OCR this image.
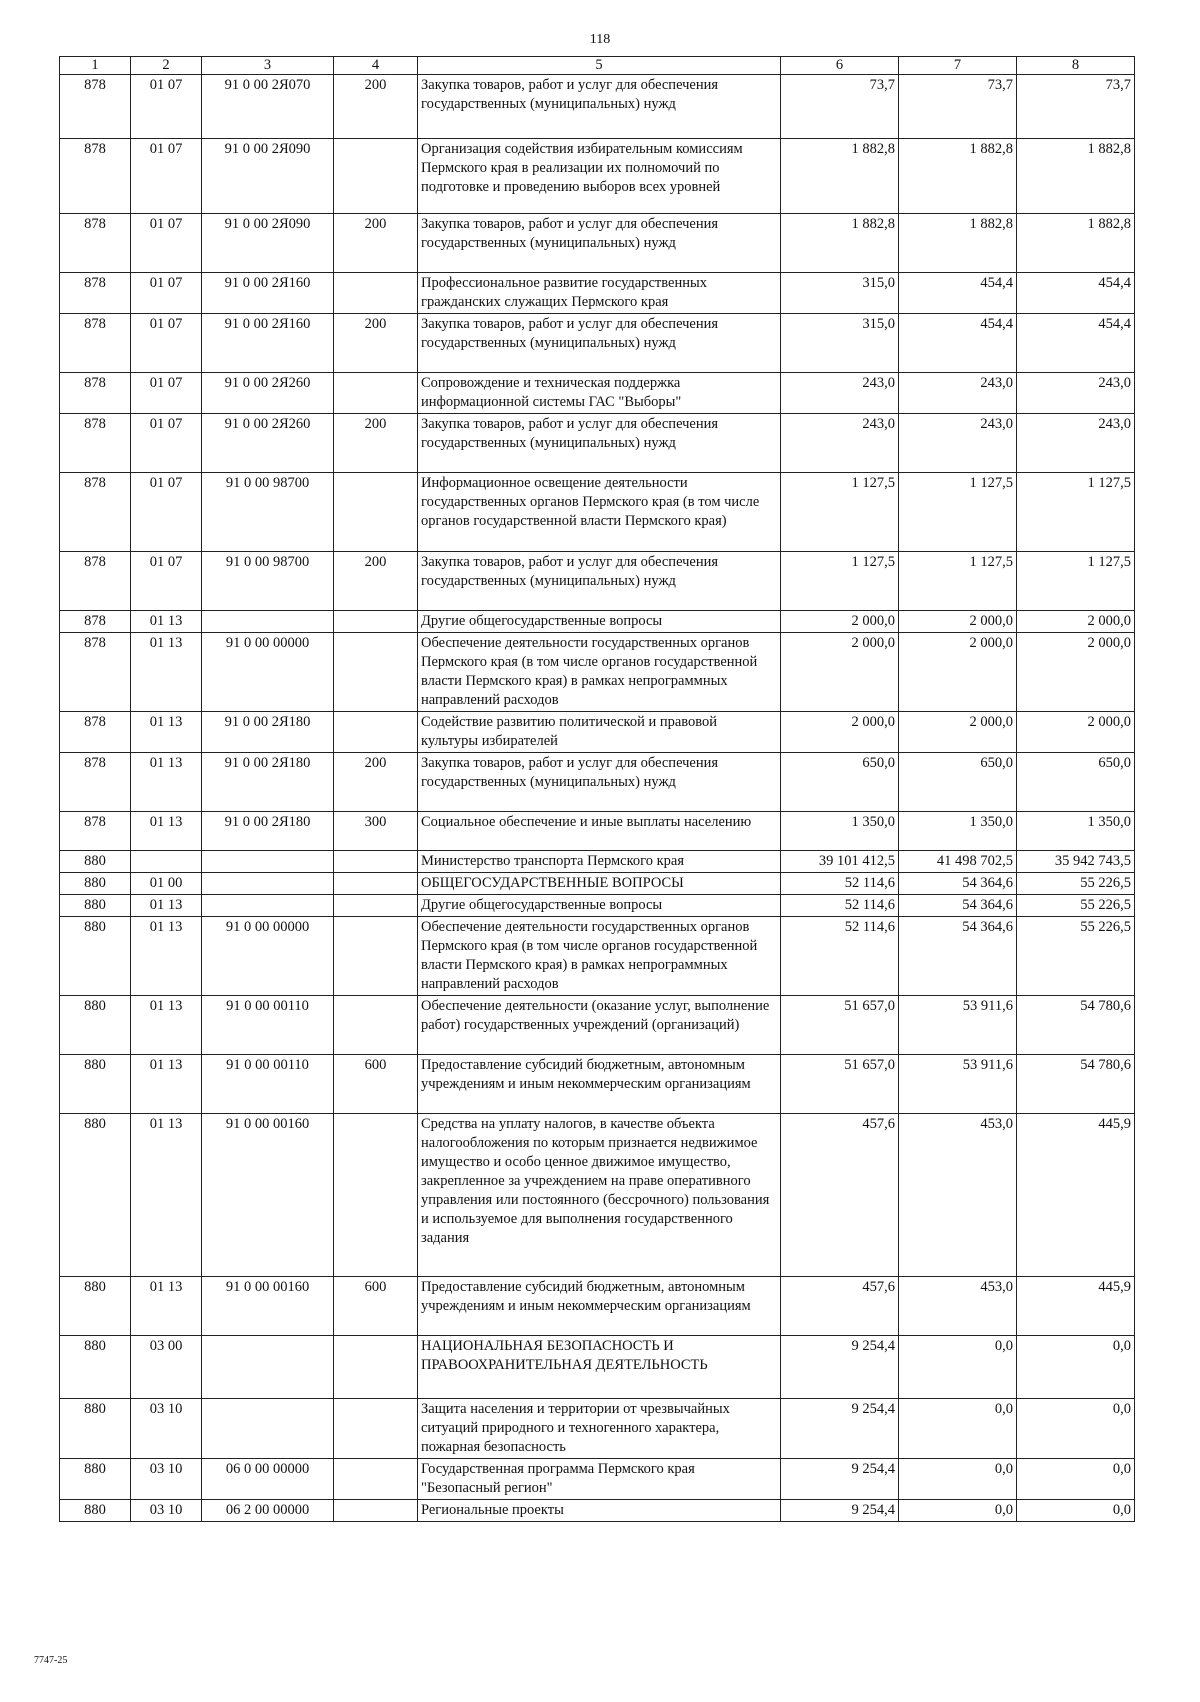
118
1	2	3	4	5	6	7	8
878	01 07	91 0 00 2Я070	200	Закупка товаров, работ и услуг для обеспечения государственных (муниципальных) нужд	73,7	73,7	73,7
878	01 07	91 0 00 2Я090		Организация содействия избирательным комиссиям Пермского края в реализации их полномочий по подготовке и проведению выборов всех уровней	1 882,8	1 882,8	1 882,8
878	01 07	91 0 00 2Я090	200	Закупка товаров, работ и услуг для обеспечения государственных (муниципальных) нужд	1 882,8	1 882,8	1 882,8
878	01 07	91 0 00 2Я160		Профессиональное развитие государственных гражданских служащих Пермского края	315,0	454,4	454,4
878	01 07	91 0 00 2Я160	200	Закупка товаров, работ и услуг для обеспечения государственных (муниципальных) нужд	315,0	454,4	454,4
878	01 07	91 0 00 2Я260		Сопровождение и техническая поддержка информационной системы ГАС "Выборы"	243,0	243,0	243,0
878	01 07	91 0 00 2Я260	200	Закупка товаров, работ и услуг для обеспечения государственных (муниципальных) нужд	243,0	243,0	243,0
878	01 07	91 0 00 98700		Информационное освещение деятельности государственных органов Пермского края (в том числе органов государственной власти Пермского края)	1 127,5	1 127,5	1 127,5
878	01 07	91 0 00 98700	200	Закупка товаров, работ и услуг для обеспечения государственных (муниципальных) нужд	1 127,5	1 127,5	1 127,5
878	01 13			Другие общегосударственные вопросы	2 000,0	2 000,0	2 000,0
878	01 13	91 0 00 00000		Обеспечение деятельности государственных органов Пермского края (в том числе органов государственной власти Пермского края) в рамках непрограммных направлений расходов	2 000,0	2 000,0	2 000,0
878	01 13	91 0 00 2Я180		Содействие развитию политической и правовой культуры избирателей	2 000,0	2 000,0	2 000,0
878	01 13	91 0 00 2Я180	200	Закупка товаров, работ и услуг для обеспечения государственных (муниципальных) нужд	650,0	650,0	650,0
878	01 13	91 0 00 2Я180	300	Социальное обеспечение и иные выплаты населению	1 350,0	1 350,0	1 350,0
880				Министерство транспорта Пермского края	39 101 412,5	41 498 702,5	35 942 743,5
880	01 00			ОБЩЕГОСУДАРСТВЕННЫЕ ВОПРОСЫ	52 114,6	54 364,6	55 226,5
880	01 13			Другие общегосударственные вопросы	52 114,6	54 364,6	55 226,5
880	01 13	91 0 00 00000		Обеспечение деятельности государственных органов Пермского края (в том числе органов государственной власти Пермского края) в рамках непрограммных направлений расходов	52 114,6	54 364,6	55 226,5
880	01 13	91 0 00 00110		Обеспечение деятельности (оказание услуг, выполнение работ) государственных учреждений (организаций)	51 657,0	53 911,6	54 780,6
880	01 13	91 0 00 00110	600	Предоставление субсидий бюджетным, автономным учреждениям и иным некоммерческим организациям	51 657,0	53 911,6	54 780,6
880	01 13	91 0 00 00160		Средства на уплату налогов, в качестве объекта налогообложения по которым признается недвижимое имущество и особо ценное движимое имущество, закрепленное за учреждением на праве оперативного управления или постоянного (бессрочного) пользования и используемое для выполнения государственного задания	457,6	453,0	445,9
880	01 13	91 0 00 00160	600	Предоставление субсидий бюджетным, автономным учреждениям и иным некоммерческим организациям	457,6	453,0	445,9
880	03 00			НАЦИОНАЛЬНАЯ БЕЗОПАСНОСТЬ И ПРАВООХРАНИТЕЛЬНАЯ ДЕЯТЕЛЬНОСТЬ	9 254,4	0,0	0,0
880	03 10			Защита населения и территории от чрезвычайных ситуаций природного и техногенного характера, пожарная безопасность	9 254,4	0,0	0,0
880	03 10	06 0 00 00000		Государственная программа Пермского края "Безопасный регион"	9 254,4	0,0	0,0
880	03 10	06 2 00 00000		Региональные проекты	9 254,4	0,0	0,0
7747-25
